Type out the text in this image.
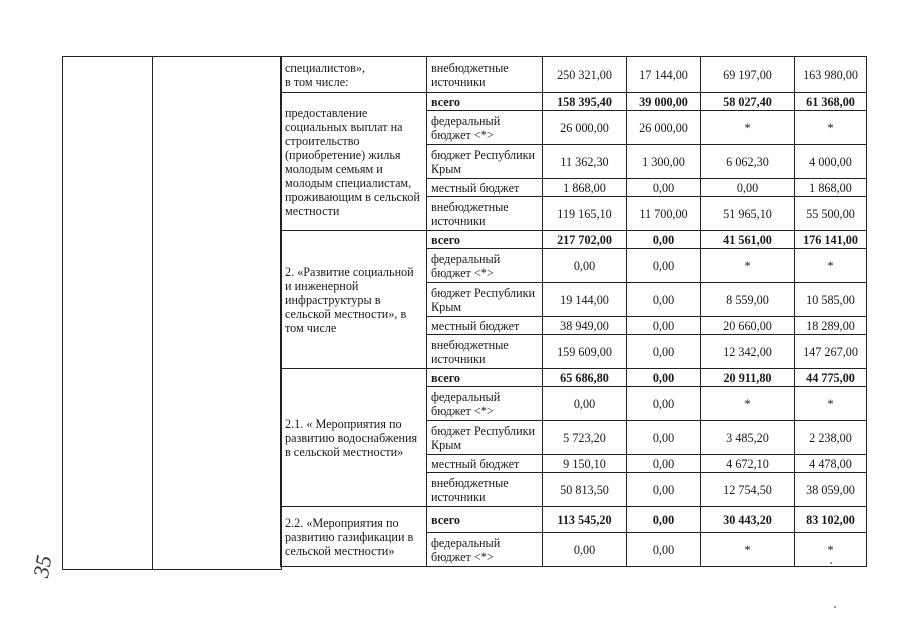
специалистов»,
в том числе:	внебюджетные источники	250 321,00	17 144,00	69 197,00	163 980,00
предоставление социальных выплат на строительство (приобретение) жилья молодым семьям и молодым специалистам, проживающим в сельской местности	всего	158 395,40	39 000,00	58 027,40	61 368,00
	федеральный бюджет <*>	26 000,00	26 000,00	*	*
	бюджет Республики Крым	11 362,30	1 300,00	6 062,30	4 000,00
	местный бюджет	1 868,00	0,00	0,00	1 868,00
	внебюджетные источники	119 165,10	11 700,00	51 965,10	55 500,00
2. «Развитие социальной и инженерной инфраструктуры в сельской местности», в том числе	всего	217 702,00	0,00	41 561,00	176 141,00
	федеральный бюджет <*>	0,00	0,00	*	*
	бюджет Республики Крым	19 144,00	0,00	8 559,00	10 585,00
	местный бюджет	38 949,00	0,00	20 660,00	18 289,00
	внебюджетные источники	159 609,00	0,00	12 342,00	147 267,00
2.1. « Мероприятия по развитию водоснабжения в сельской местности»	всего	65 686,80	0,00	20 911,80	44 775,00
	федеральный бюджет <*>	0,00	0,00	*	*
	бюджет Республики Крым	5 723,20	0,00	3 485,20	2 238,00
	местный бюджет	9 150,10	0,00	4 672,10	4 478,00
	внебюджетные источники	50 813,50	0,00	12 754,50	38 059,00
2.2. «Мероприятия по развитию газификации в сельской местности»	всего	113 545,20	0,00	30 443,20	83 102,00
	федеральный бюджет <*>	0,00	0,00	*	*
35
